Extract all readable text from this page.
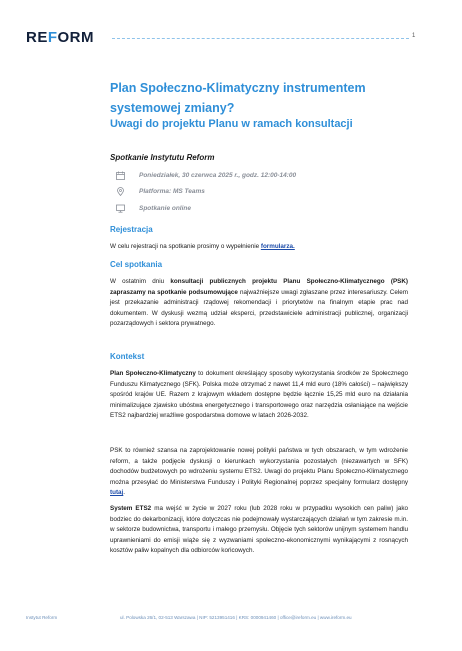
REFORM	1
Plan Społeczno-Klimatyczny instrumentem systemowej zmiany?
Uwagi do projektu Planu w ramach konsultacji
Spotkanie Instytutu Reform
Poniedziałek, 30 czerwca 2025 r., godz. 12:00-14:00
Platforma: MS Teams
Spotkanie online
Rejestracja

W celu rejestracji na spotkanie prosimy o wypełnienie formularza.

Cel spotkania

W ostatnim dniu konsultacji publicznych projektu Planu Społeczno-Klimatycznego (PSK) zapraszamy na spotkanie podsumowujące najważniejsze uwagi zgłaszane przez interesariuszy. Celem jest przekazanie administracji rządowej rekomendacji i priorytetów na finalnym etapie prac nad dokumentem. W dyskusji wezmą udział eksperci, przedstawiciele administracji publicznej, organizacji pozarządowych i sektora prywatnego.

Kontekst

Plan Społeczno-Klimatyczny to dokument określający sposoby wykorzystania środków ze Społecznego Funduszu Klimatycznego (SFK). Polska może otrzymać z nawet 11,4 mld euro (18% całości) – największy spośród krajów UE. Razem z krajowym wkładem dostępne będzie łącznie 15,25 mld euro na działania minimalizujące zjawisko ubóstwa energetycznego i transportowego oraz narzędzia osłaniające na wejście ETS2 najbardziej wrażliwe gospodarstwa domowe w latach 2026-2032.

PSK to również szansa na zaprojektowanie nowej polityki państwa w tych obszarach, w tym wdrożenie reform, a także podjęcie dyskusji o kierunkach wykorzystania pozostałych (niezawartych w SFK) dochodów budżetowych po wdrożeniu systemu ETS2. Uwagi do projektu Planu Społeczno-Klimatycznego można przesyłać do Ministerstwa Funduszy i Polityki Regionalnej poprzez specjalny formularz dostępny tutaj.

System ETS2 ma wejść w życie w 2027 roku (lub 2028 roku w przypadku wysokich cen paliw) jako bodziec do dekarbonizacji, które dotyczcas nie podejmowały wystarczających działań w tym zakresie m.in. w sektorze budownictwa, transportu i małego przemysłu. Objęcie tych sektorów unijnym systemem handlu uprawnieniami do emisji wiąże się z wyzwaniami społeczno-ekonomicznymi wynikającymi z rosnących kosztów paliw kopalnych dla odbiorców końcowych.

Instytut Reform	ul. Polowska 26/1, 02-513 Warszawa | NIP: 5213951416 | KRS: 0000941460 | office@ireform.eu | www.ireform.eu
